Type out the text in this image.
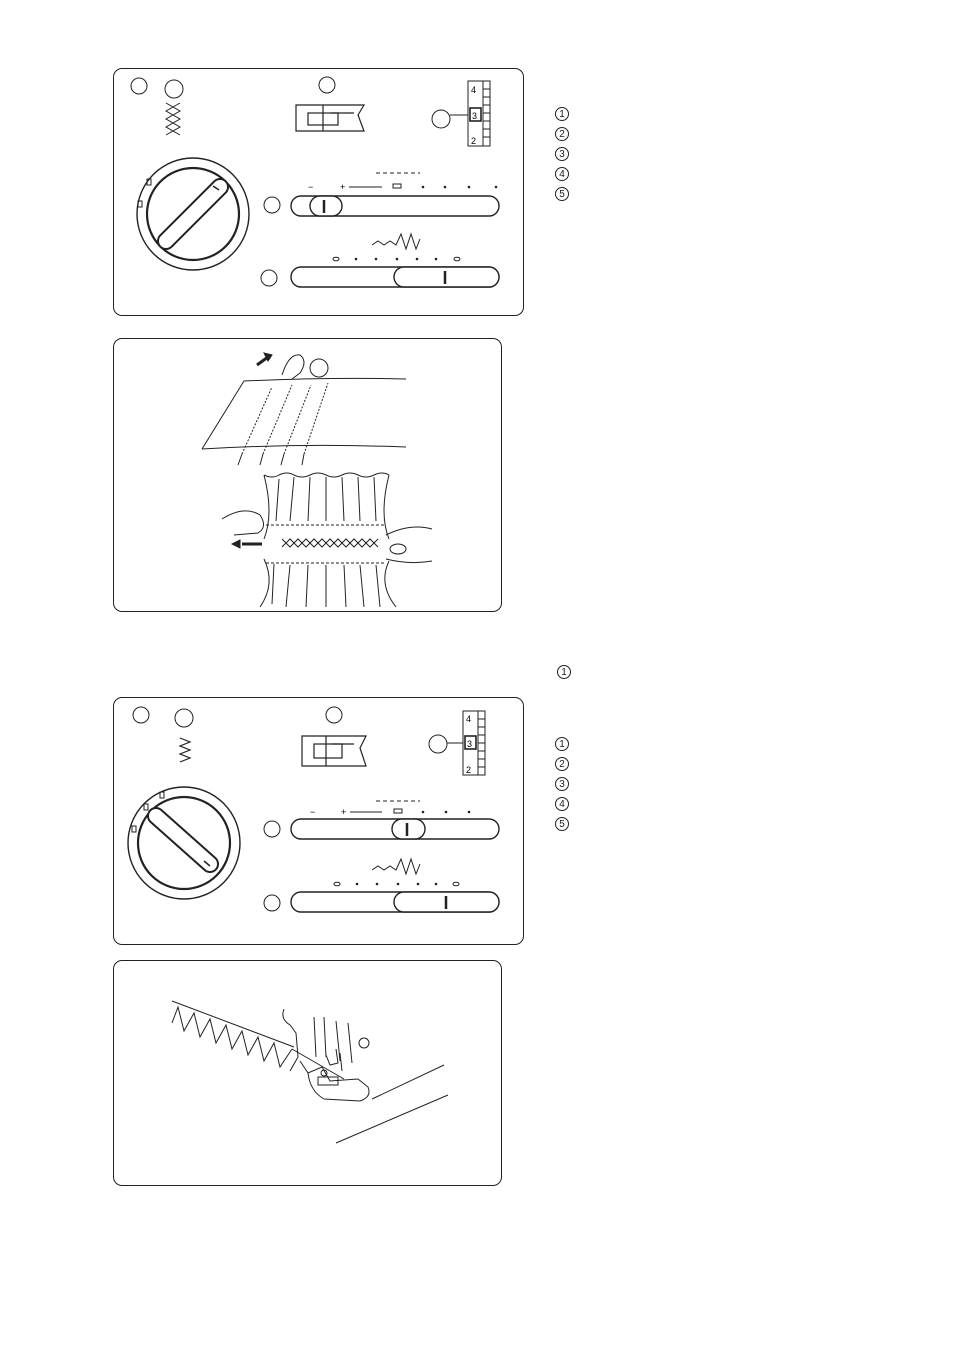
4
3
2
−	+
1
2
3
4
5
1
4
3
2
−	+
1
2
3
4
5
